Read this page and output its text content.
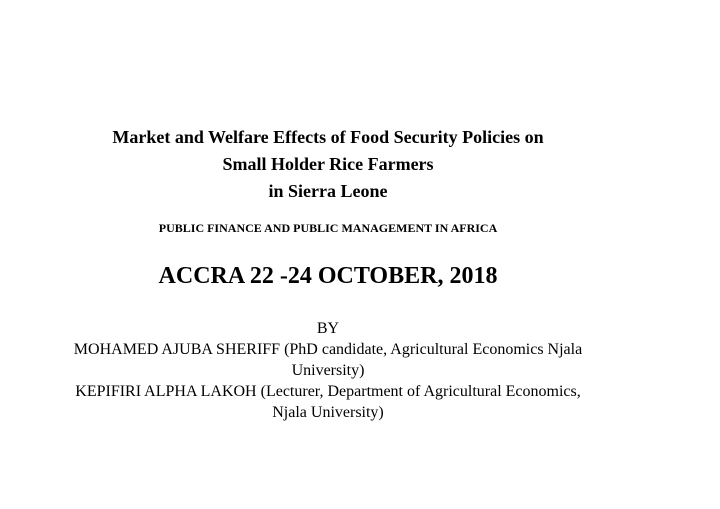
Market and Welfare Effects of Food Security Policies on
Small Holder Rice Farmers
in Sierra Leone
PUBLIC FINANCE AND PUBLIC MANAGEMENT IN AFRICA
ACCRA 22 -24 OCTOBER, 2018
BY
MOHAMED AJUBA SHERIFF (PhD candidate, Agricultural Economics Njala
University)
KEPIFIRI ALPHA LAKOH (Lecturer, Department of Agricultural Economics,
Njala University)
